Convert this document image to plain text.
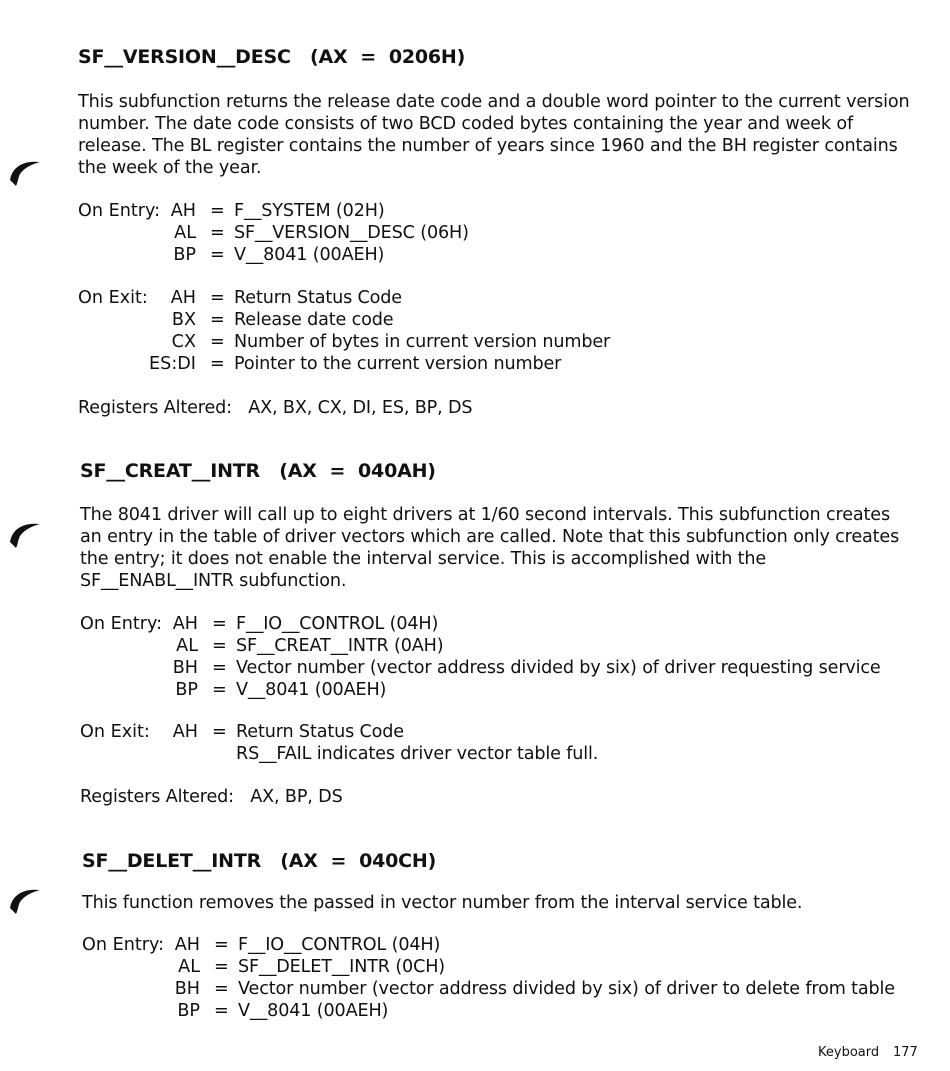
SF__VERSION__DESC   (AX  =  0206H)
This subfunction returns the release date code and a double word pointer to the current version number. The date code consists of two BCD coded bytes containing the year and week of release. The BL register contains the number of years since 1960 and the BH register contains the week of the year.
On Entry: AH = F__SYSTEM (02H)
AL = SF__VERSION__DESC (06H)
BP = V__8041 (00AEH)
On Exit:	AH = Return Status Code
BX = Release date code
CX = Number of bytes in current version number
ES:DI = Pointer to the current version number
Registers Altered:   AX, BX, CX, DI, ES, BP, DS
SF__CREAT__INTR   (AX  =  040AH)
The 8041 driver will call up to eight drivers at 1/60 second intervals. This subfunction creates an entry in the table of driver vectors which are called. Note that this subfunction only creates the entry; it does not enable the interval service. This is accomplished with the SF__ENABL__INTR subfunction.
On Entry: AH = F__IO__CONTROL (04H)
AL = SF__CREAT__INTR (0AH)
BH = Vector number (vector address divided by six) of driver requesting service
BP = V__8041 (00AEH)
On Exit:	AH = Return Status Code
RS__FAIL indicates driver vector table full.
Registers Altered:   AX, BP, DS
SF__DELET__INTR   (AX  =  040CH)
This function removes the passed in vector number from the interval service table.
On Entry: AH = F__IO__CONTROL (04H)
AL = SF__DELET__INTR (0CH)
BH = Vector number (vector address divided by six) of driver to delete from table
BP = V__8041 (00AEH)
Keyboard 177
